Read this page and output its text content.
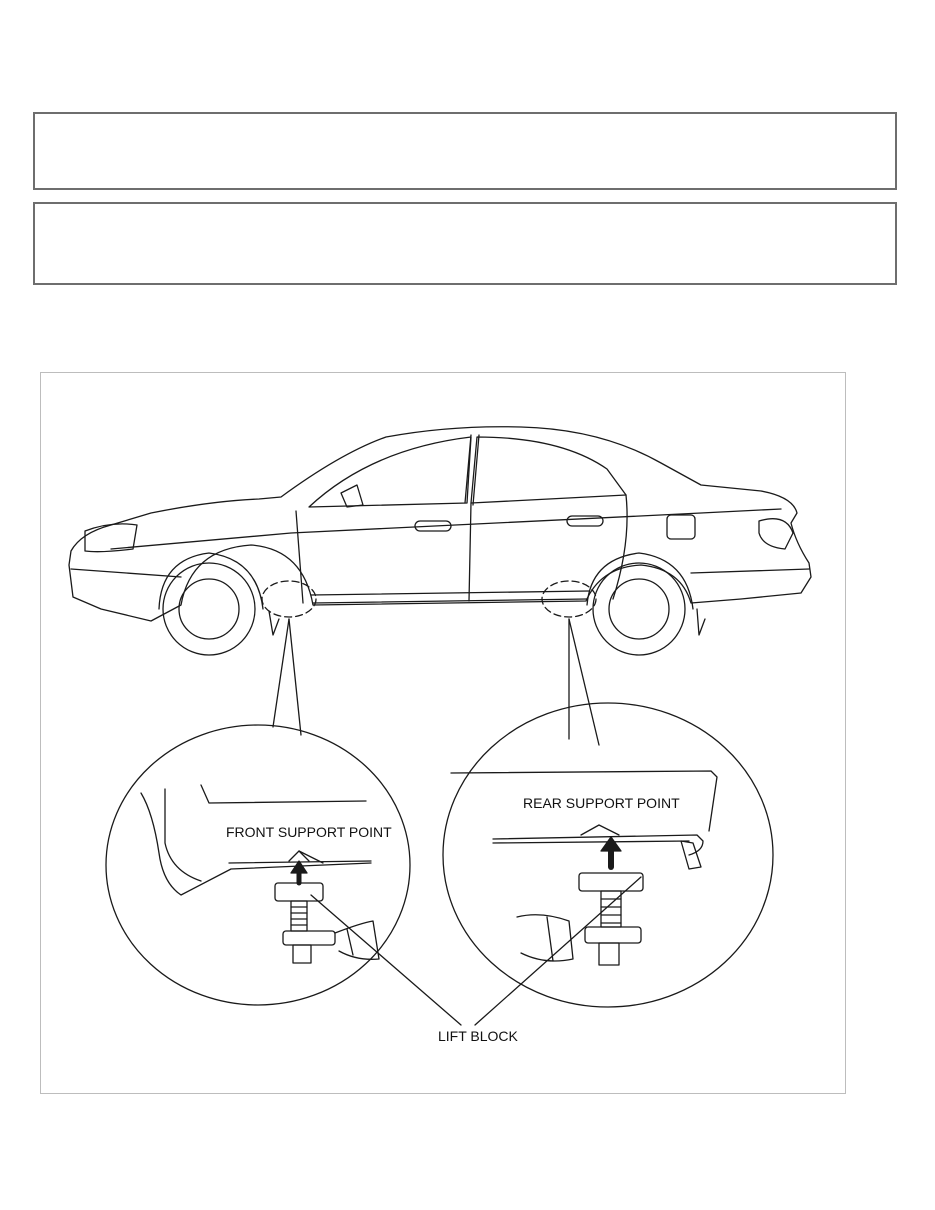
FRONT SUPPORT POINT
REAR SUPPORT POINT
LIFT BLOCK
